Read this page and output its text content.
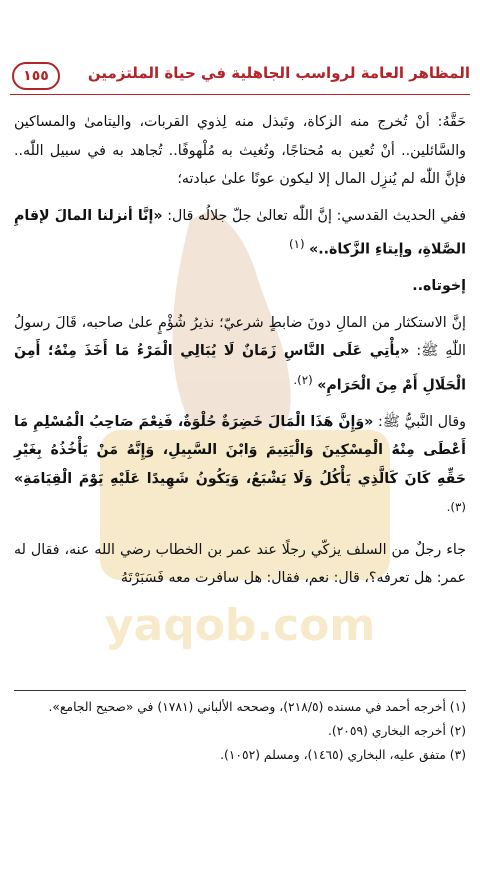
yaqob.com
المظاهر العامة لرواسب الجاهلية في حياة الملتزمين
١٥٥

حَقَّهُ: أنْ تُخرج منه الزكاة، وتَبذل منه لِذوي القربات، واليتامىٰ والمساكين والسَّائلين.. أنْ تُعين به مُحتاجًا، وتُغيث به مُلْهوفًا.. تُجاهد به في سبيل اللّٰه.. فإنَّ اللّٰه لم يُنزِل المال إلا ليكون عونًا علىٰ عبادته؛

ففي الحديث القدسي: إنَّ اللّٰه تعالىٰ جلّ جلالُه قال: «إنَّا أنزلنا المالَ لإقامِ الصَّلاةِ، وإيتاءِ الزَّكاة..» $^{(١)}$

إخوتاه..

إنَّ الاستكثار من المالِ دونَ ضابطٍ شرعيّ؛ نذيرُ شُؤْمٍ علىٰ صاحبه، قَالَ رسولُ اللّٰهِ ﷺ: «يأْتِي عَلَى النَّاسِ زَمَانٌ لَا يُبَالِي الْمَرْءُ مَا أَخَذَ مِنْهُ؛ أَمِنَ الْحَلَالِ أَمْ مِنَ الْحَرَامِ» $^{(٢).}$

وقال النَّبيُّ ﷺ: «وَإِنَّ هَذَا الْمَالَ خَضِرَةٌ حُلْوَةٌ، فَنِعْمَ صَاحِبُ الْمُسْلِمِ مَا أَعْطَى مِنْهُ الْمِسْكِينَ وَالْيَتِيمَ وَابْنَ السَّبِيلِ، وَإِنَّهُ مَنْ يَأْخُذُهُ بِغَيْرِ حَقِّهِ كَانَ كَالَّذِي يَأْكُلُ وَلَا يَشْبَعُ، وَيَكُونُ شَهِيدًا عَلَيْهِ يَوْمَ الْقِيَامَةِ» $^{(٣).}$

جاء رجلٌ من السلف يزكّي رجلًا عند عمر بن الخطاب رضي الله عنه، فقال له عمر: هل تعرفه؟، قال: نعم، فقال: هل سافرت معه فَسَبَرْتَهُ

(١) أخرجه أحمد في مسنده (٢١٨/٥)، وصححه الألباني (١٧٨١) في «صحيح الجامع».
(٢) أخرجه البخاري (٢٠٥٩).
(٣) متفق عليه، البخاري (١٤٦٥)، ومسلم (١٠٥٢).
